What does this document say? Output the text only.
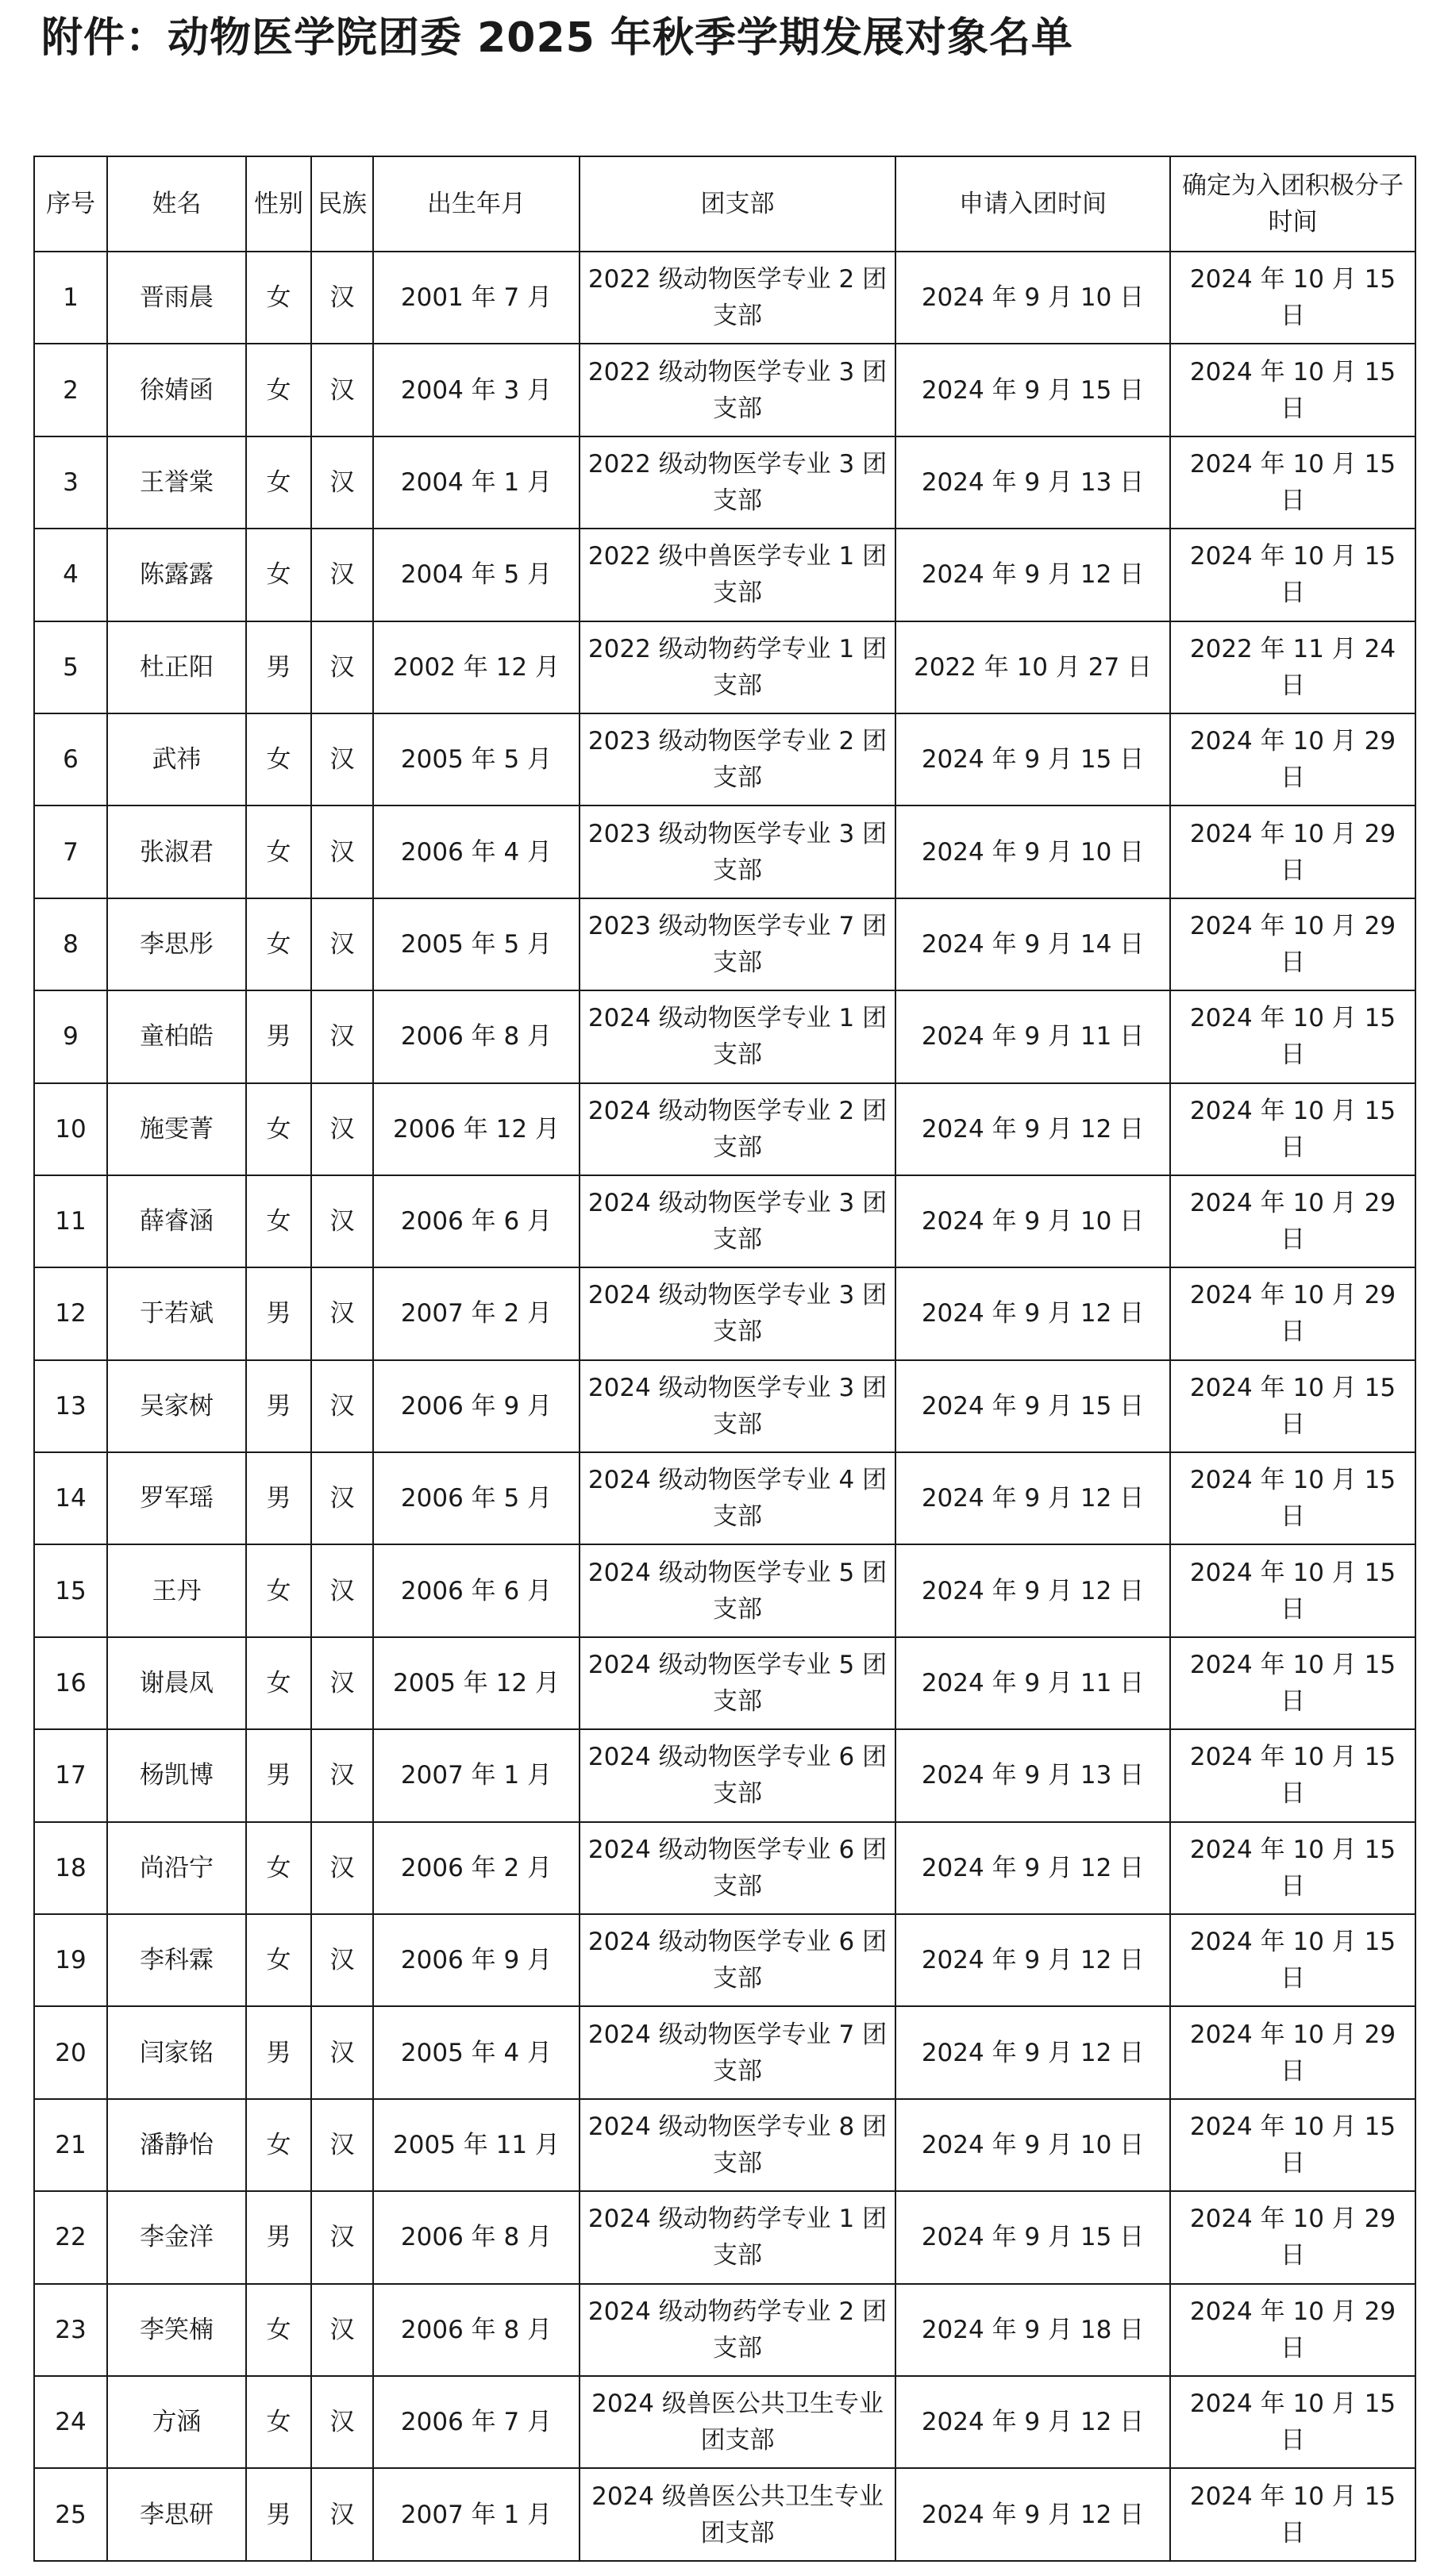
附件：动物医学院团委 2025 年秋季学期发展对象名单
序号	姓名	性别	民族	出生年月	团支部	申请入团时间	确定为入团积极分子时间
1	晋雨晨	女	汉	2001 年 7 月	2022 级动物医学专业 2 团支部	2024 年 9 月 10 日	2024 年 10 月 15 日
2	徐婧函	女	汉	2004 年 3 月	2022 级动物医学专业 3 团支部	2024 年 9 月 15 日	2024 年 10 月 15 日
3	王誉棠	女	汉	2004 年 1 月	2022 级动物医学专业 3 团支部	2024 年 9 月 13 日	2024 年 10 月 15 日
4	陈露露	女	汉	2004 年 5 月	2022 级中兽医学专业 1 团支部	2024 年 9 月 12 日	2024 年 10 月 15 日
5	杜正阳	男	汉	2002 年 12 月	2022 级动物药学专业 1 团支部	2022 年 10 月 27 日	2022 年 11 月 24 日
6	武祎	女	汉	2005 年 5 月	2023 级动物医学专业 2 团支部	2024 年 9 月 15 日	2024 年 10 月 29 日
7	张淑君	女	汉	2006 年 4 月	2023 级动物医学专业 3 团支部	2024 年 9 月 10 日	2024 年 10 月 29 日
8	李思彤	女	汉	2005 年 5 月	2023 级动物医学专业 7 团支部	2024 年 9 月 14 日	2024 年 10 月 29 日
9	童柏皓	男	汉	2006 年 8 月	2024 级动物医学专业 1 团支部	2024 年 9 月 11 日	2024 年 10 月 15 日
10	施雯菁	女	汉	2006 年 12 月	2024 级动物医学专业 2 团支部	2024 年 9 月 12 日	2024 年 10 月 15 日
11	薛睿涵	女	汉	2006 年 6 月	2024 级动物医学专业 3 团支部	2024 年 9 月 10 日	2024 年 10 月 29 日
12	于若斌	男	汉	2007 年 2 月	2024 级动物医学专业 3 团支部	2024 年 9 月 12 日	2024 年 10 月 29 日
13	吴家树	男	汉	2006 年 9 月	2024 级动物医学专业 3 团支部	2024 年 9 月 15 日	2024 年 10 月 15 日
14	罗军瑶	男	汉	2006 年 5 月	2024 级动物医学专业 4 团支部	2024 年 9 月 12 日	2024 年 10 月 15 日
15	王丹	女	汉	2006 年 6 月	2024 级动物医学专业 5 团支部	2024 年 9 月 12 日	2024 年 10 月 15 日
16	谢晨凤	女	汉	2005 年 12 月	2024 级动物医学专业 5 团支部	2024 年 9 月 11 日	2024 年 10 月 15 日
17	杨凯博	男	汉	2007 年 1 月	2024 级动物医学专业 6 团支部	2024 年 9 月 13 日	2024 年 10 月 15 日
18	尚沿宁	女	汉	2006 年 2 月	2024 级动物医学专业 6 团支部	2024 年 9 月 12 日	2024 年 10 月 15 日
19	李科霖	女	汉	2006 年 9 月	2024 级动物医学专业 6 团支部	2024 年 9 月 12 日	2024 年 10 月 15 日
20	闫家铭	男	汉	2005 年 4 月	2024 级动物医学专业 7 团支部	2024 年 9 月 12 日	2024 年 10 月 29 日
21	潘静怡	女	汉	2005 年 11 月	2024 级动物医学专业 8 团支部	2024 年 9 月 10 日	2024 年 10 月 15 日
22	李金洋	男	汉	2006 年 8 月	2024 级动物药学专业 1 团支部	2024 年 9 月 15 日	2024 年 10 月 29 日
23	李笑楠	女	汉	2006 年 8 月	2024 级动物药学专业 2 团支部	2024 年 9 月 18 日	2024 年 10 月 29 日
24	方涵	女	汉	2006 年 7 月	2024 级兽医公共卫生专业团支部	2024 年 9 月 12 日	2024 年 10 月 15 日
25	李思研	男	汉	2007 年 1 月	2024 级兽医公共卫生专业团支部	2024 年 9 月 12 日	2024 年 10 月 15 日
